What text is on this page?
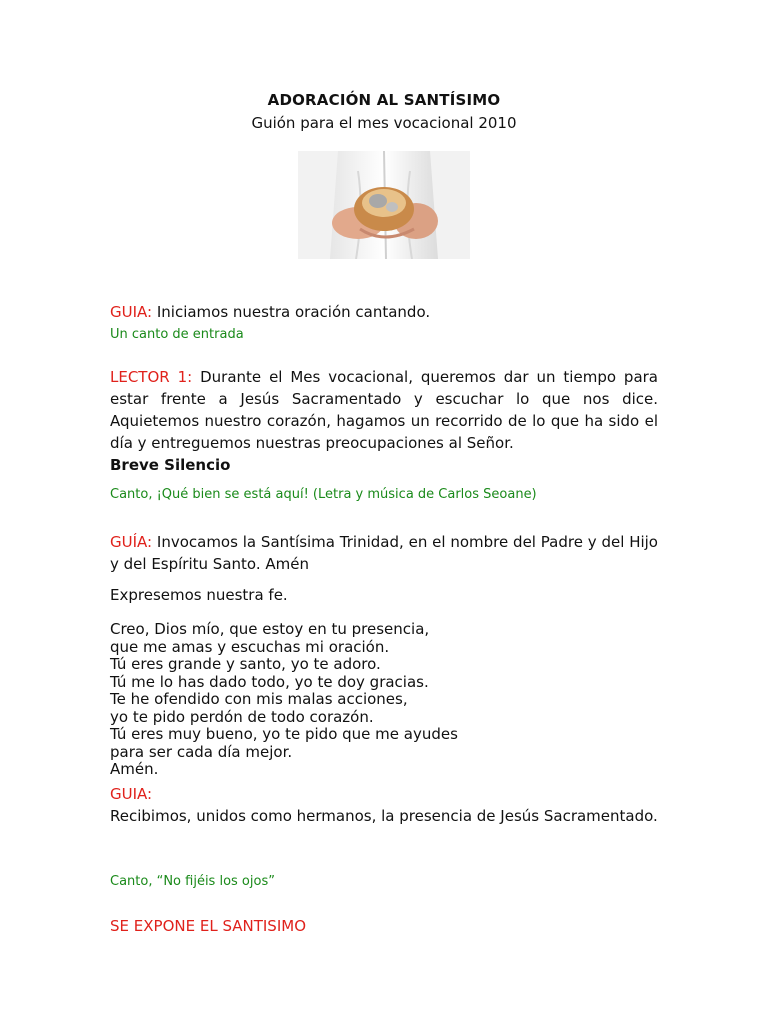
ADORACIÓN AL SANTÍSIMO
Guión para el mes vocacional 2010
GUIA: Iniciamos nuestra oración cantando.
Un canto de entrada
LECTOR 1: Durante el Mes vocacional, queremos dar un tiempo para estar frente a Jesús Sacramentado y escuchar lo que nos dice. Aquietemos nuestro corazón, hagamos un recorrido de lo que ha sido el día y entreguemos nuestras preocupaciones al Señor.
Breve Silencio
Canto, ¡Qué bien se está aquí! (Letra y música de Carlos Seoane)
GUÍA: Invocamos la Santísima Trinidad, en el nombre del Padre y del Hijo y del Espíritu Santo. Amén
Expresemos nuestra fe.
Creo, Dios mío, que estoy en tu presencia,
que me amas y escuchas mi oración.
Tú eres grande y santo, yo te adoro.
Tú me lo has dado todo, yo te doy gracias.
Te he ofendido con mis malas acciones,
yo te pido perdón de todo corazón.
Tú eres muy bueno, yo te pido que me ayudes
para ser cada día mejor.
Amén.
GUIA:
Recibimos, unidos como hermanos, la presencia de Jesús Sacramentado.
Canto, “No fijéis los ojos”
SE EXPONE EL SANTISIMO
